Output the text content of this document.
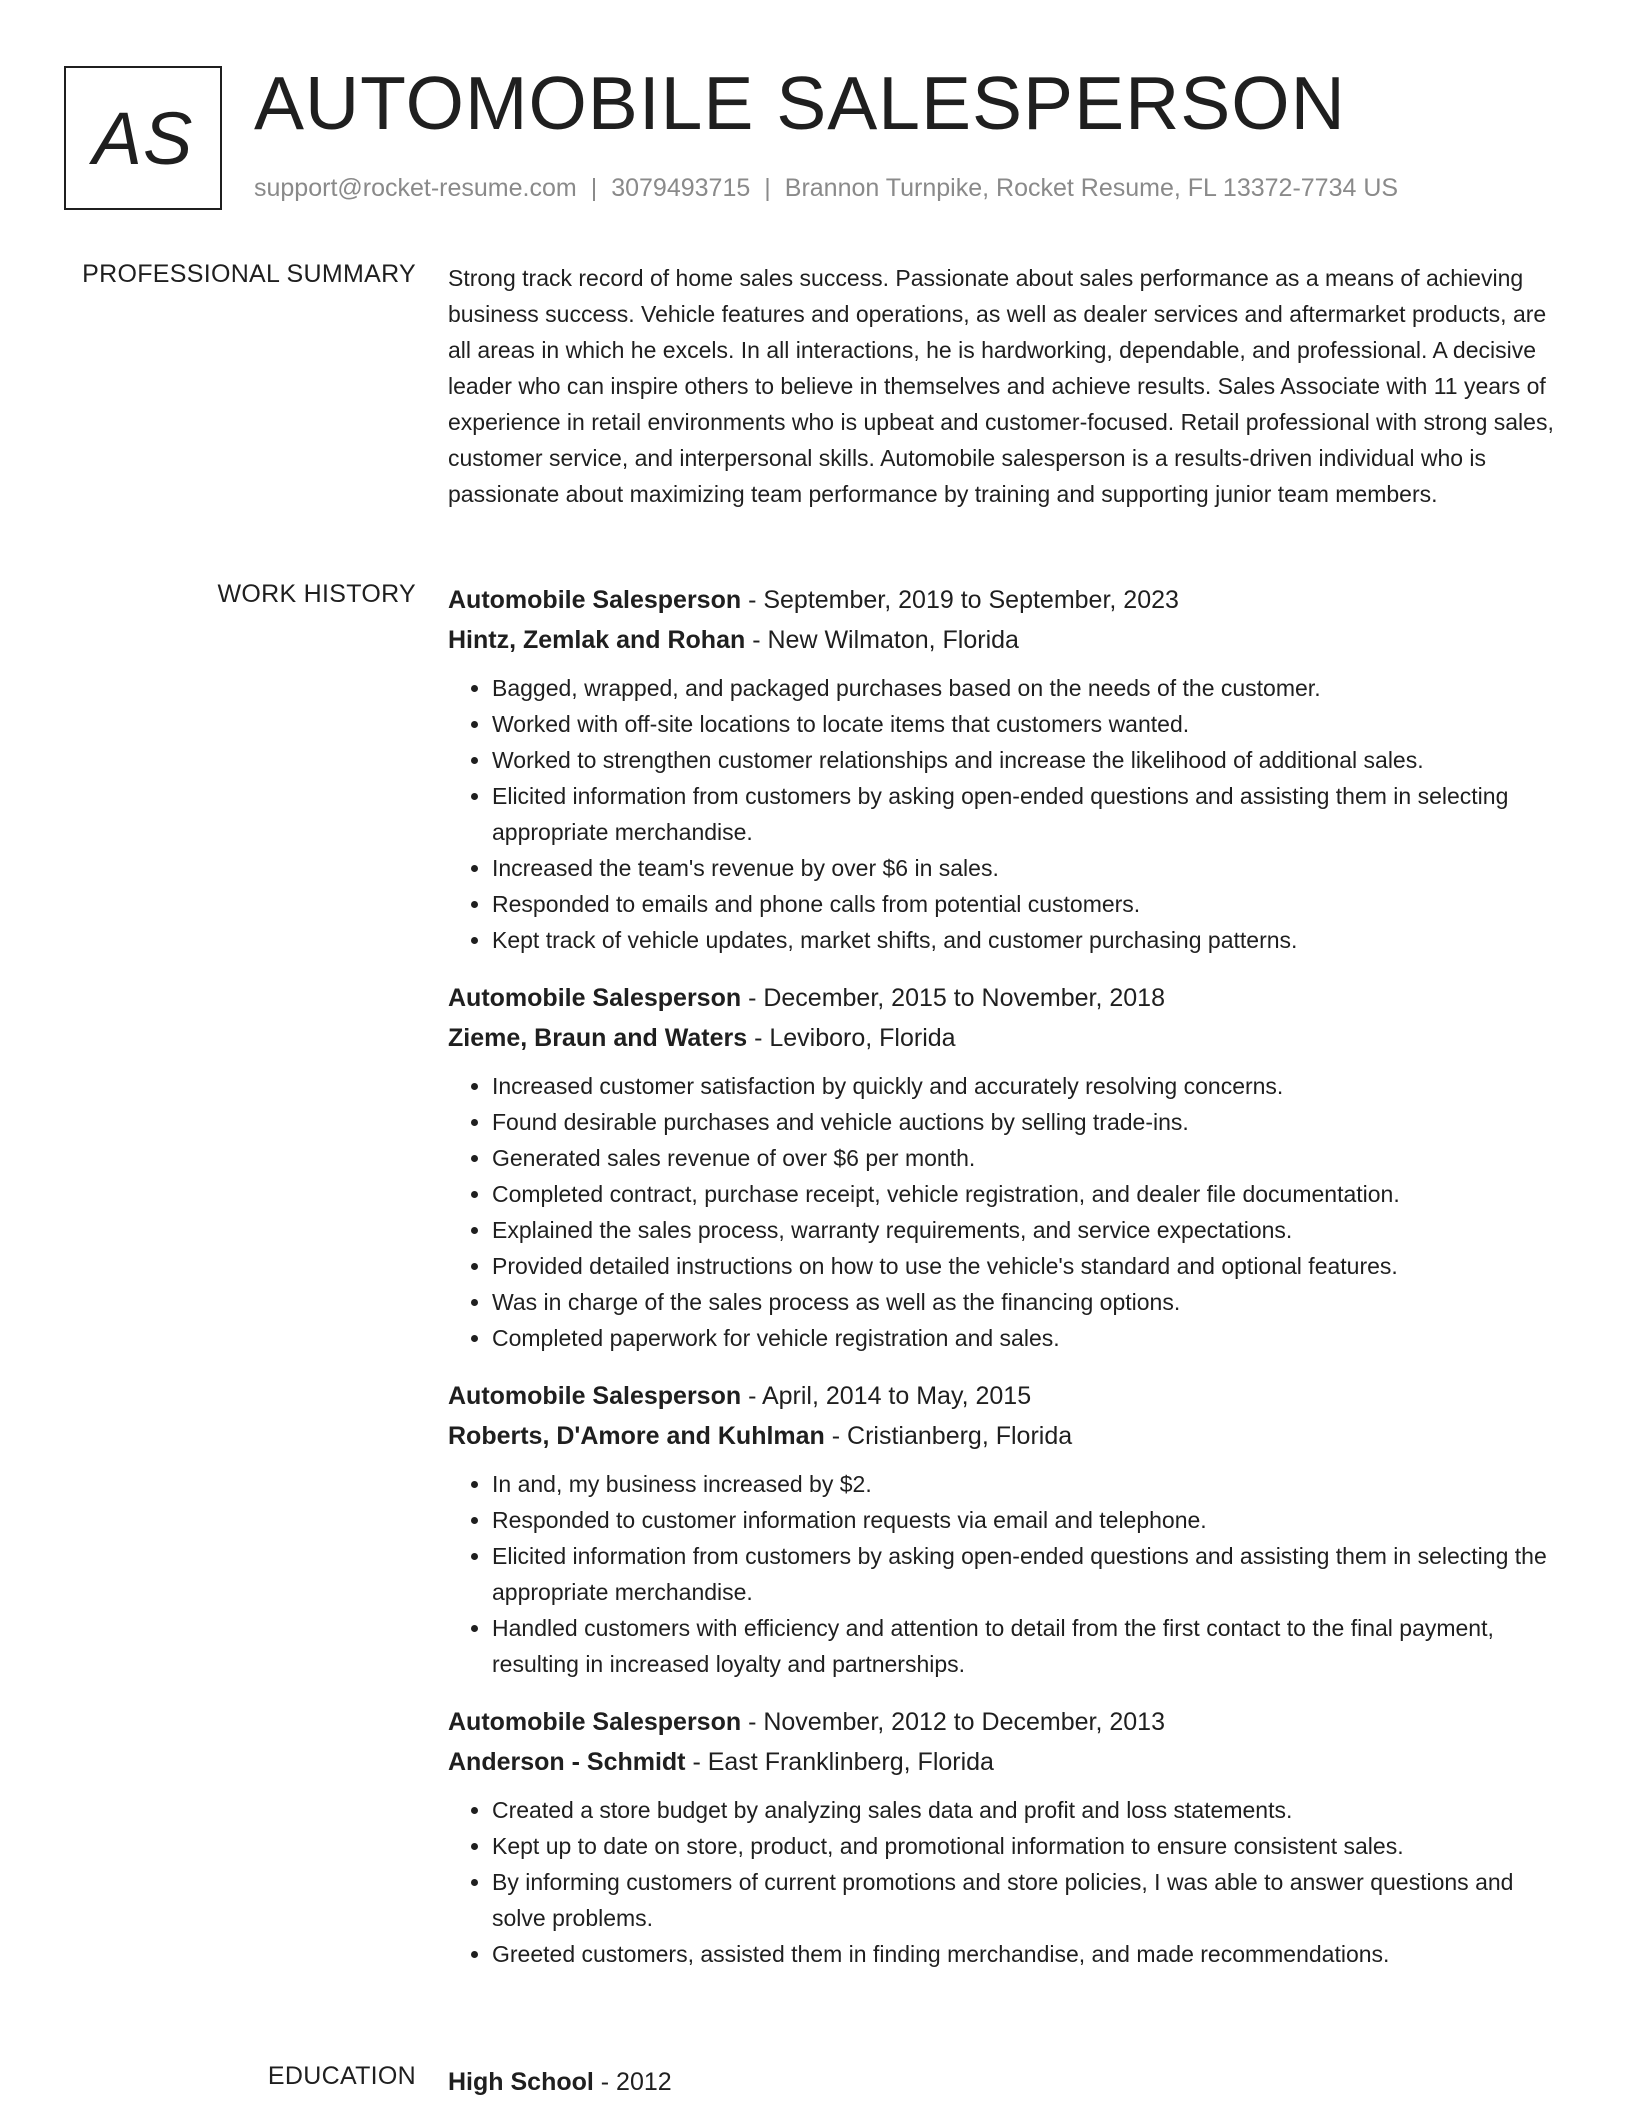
AS AUTOMOBILE SALESPERSON
support@rocket-resume.com | 3079493715 | Brannon Turnpike, Rocket Resume, FL 13372-7734 US
PROFESSIONAL SUMMARY Strong track record of home sales success. Passionate about sales performance as a means of achieving business success. Vehicle features and operations, as well as dealer services and aftermarket products, are all areas in which he excels. In all interactions, he is hardworking, dependable, and professional. A decisive leader who can inspire others to believe in themselves and achieve results. Sales Associate with 11 years of experience in retail environments who is upbeat and customer-focused. Retail professional with strong sales, customer service, and interpersonal skills. Automobile salesperson is a results-driven individual who is passionate about maximizing team performance by training and supporting junior team members.

WORK HISTORY Automobile Salesperson - September, 2019 to September, 2023
Hintz, Zemlak and Rohan - New Wilmaton, Florida
• Bagged, wrapped, and packaged purchases based on the needs of the customer.
• Worked with off-site locations to locate items that customers wanted.
• Worked to strengthen customer relationships and increase the likelihood of additional sales.
• Elicited information from customers by asking open-ended questions and assisting them in selecting appropriate merchandise.
• Increased the team's revenue by over $6 in sales.
• Responded to emails and phone calls from potential customers.
• Kept track of vehicle updates, market shifts, and customer purchasing patterns.
Automobile Salesperson - December, 2015 to November, 2018
Zieme, Braun and Waters - Leviboro, Florida
• Increased customer satisfaction by quickly and accurately resolving concerns.
• Found desirable purchases and vehicle auctions by selling trade-ins.
• Generated sales revenue of over $6 per month.
• Completed contract, purchase receipt, vehicle registration, and dealer file documentation.
• Explained the sales process, warranty requirements, and service expectations.
• Provided detailed instructions on how to use the vehicle's standard and optional features.
• Was in charge of the sales process as well as the financing options.
• Completed paperwork for vehicle registration and sales.
Automobile Salesperson - April, 2014 to May, 2015
Roberts, D'Amore and Kuhlman - Cristianberg, Florida
• In and, my business increased by $2.
• Responded to customer information requests via email and telephone.
• Elicited information from customers by asking open-ended questions and assisting them in selecting the appropriate merchandise.
• Handled customers with efficiency and attention to detail from the first contact to the final payment, resulting in increased loyalty and partnerships.
Automobile Salesperson - November, 2012 to December, 2013
Anderson - Schmidt - East Franklinberg, Florida
• Created a store budget by analyzing sales data and profit and loss statements.
• Kept up to date on store, product, and promotional information to ensure consistent sales.
• By informing customers of current promotions and store policies, I was able to answer questions and solve problems.
• Greeted customers, assisted them in finding merchandise, and made recommendations.
EDUCATION High School - 2012
